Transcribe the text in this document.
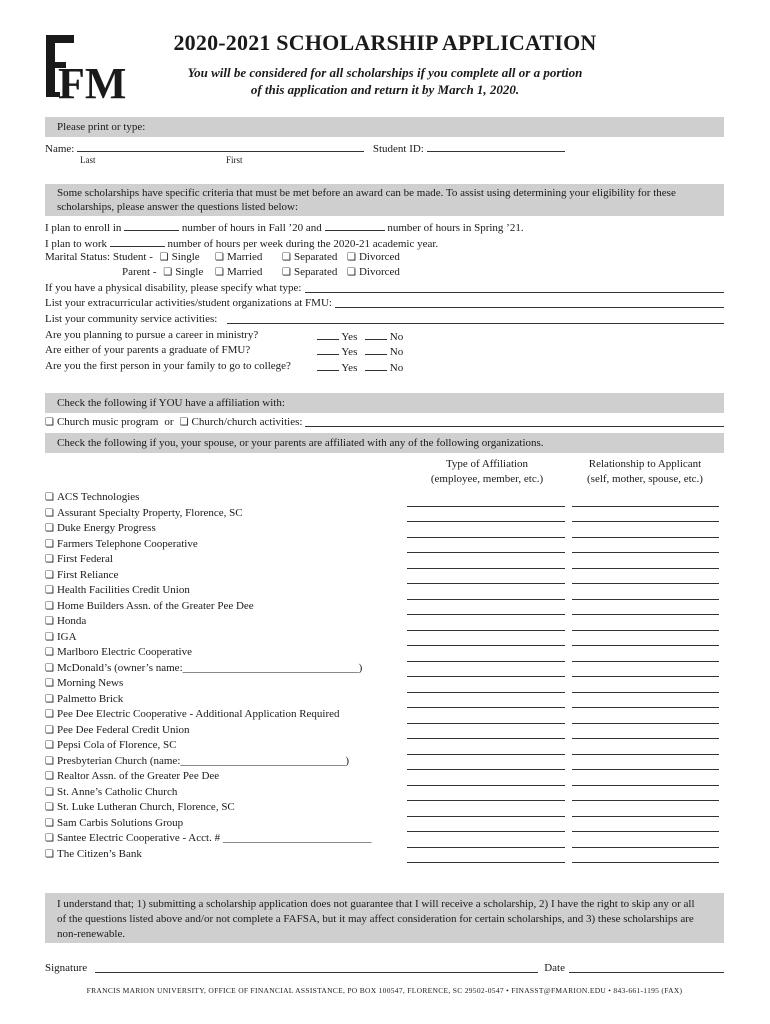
FM
2020-2021 SCHOLARSHIP APPLICATION
You will be considered for all scholarships if you complete all or a portion
of this application and return it by March 1, 2020.
Please print or type:
Name:	Student ID:
Last	First
Some scholarships have specific criteria that must be met before an award can be made. To assist using determining your eligibility for these
scholarships, please answer the questions listed below:
I plan to enroll in	number of hours in Fall ’20 and	number of hours in Spring ’21.
I plan to work	number of hours per week during the 2020-21 academic year.
Marital Status: Student - ❏ Single ❏ Married ❏ Separated ❏ Divorced
Parent - ❏ Single ❏ Married ❏ Separated ❏ Divorced
If you have a physical disability, please specify what type:
List your extracurricular activities/student organizations at FMU:
List your community service activities:
Are you planning to pursue a career in ministry?	Yes	No
Are either of your parents a graduate of FMU?	Yes	No
Are you the first person in your family to go to college?	Yes	No
Check the following if YOU have a affiliation with:
❏ Church music program or ❏ Church/church activities:
Check the following if you, your spouse, or your parents are affiliated with any of the following organizations.
Type of Affiliation
(employee, member, etc.)
Relationship to Applicant
(self, mother, spouse, etc.)
❏ ACS Technologies
❏ Assurant Specialty Property, Florence, SC
❏ Duke Energy Progress
❏ Farmers Telephone Cooperative
❏ First Federal
❏ First Reliance
❏ Health Facilities Credit Union
❏ Home Builders Assn. of the Greater Pee Dee
❏ Honda
❏ IGA
❏ Marlboro Electric Cooperative
❏ McDonald’s (owner’s name:________________________________)
❏ Morning News
❏ Palmetto Brick
❏ Pee Dee Electric Cooperative - Additional Application Required
❏ Pee Dee Federal Credit Union
❏ Pepsi Cola of Florence, SC
❏ Presbyterian Church (name:______________________________)
❏ Realtor Assn. of the Greater Pee Dee
❏ St. Anne’s Catholic Church
❏ St. Luke Lutheran Church, Florence, SC
❏ Sam Carbis Solutions Group
❏ Santee Electric Cooperative - Acct. # ___________________________
❏ The Citizen’s Bank
I understand that; 1) submitting a scholarship application does not guarantee that I will receive a scholarship, 2) I have the right to skip any or all
of the questions listed above and/or not complete a FAFSA, but it may affect consideration for certain scholarships, and 3) these scholarships are
non-renewable.
Signature	Date
FRANCIS MARION UNIVERSITY, OFFICE OF FINANCIAL ASSISTANCE, PO BOX 100547, FLORENCE, SC 29502-0547 • FINASST@FMARION.EDU • 843-661-1195 (FAX)
